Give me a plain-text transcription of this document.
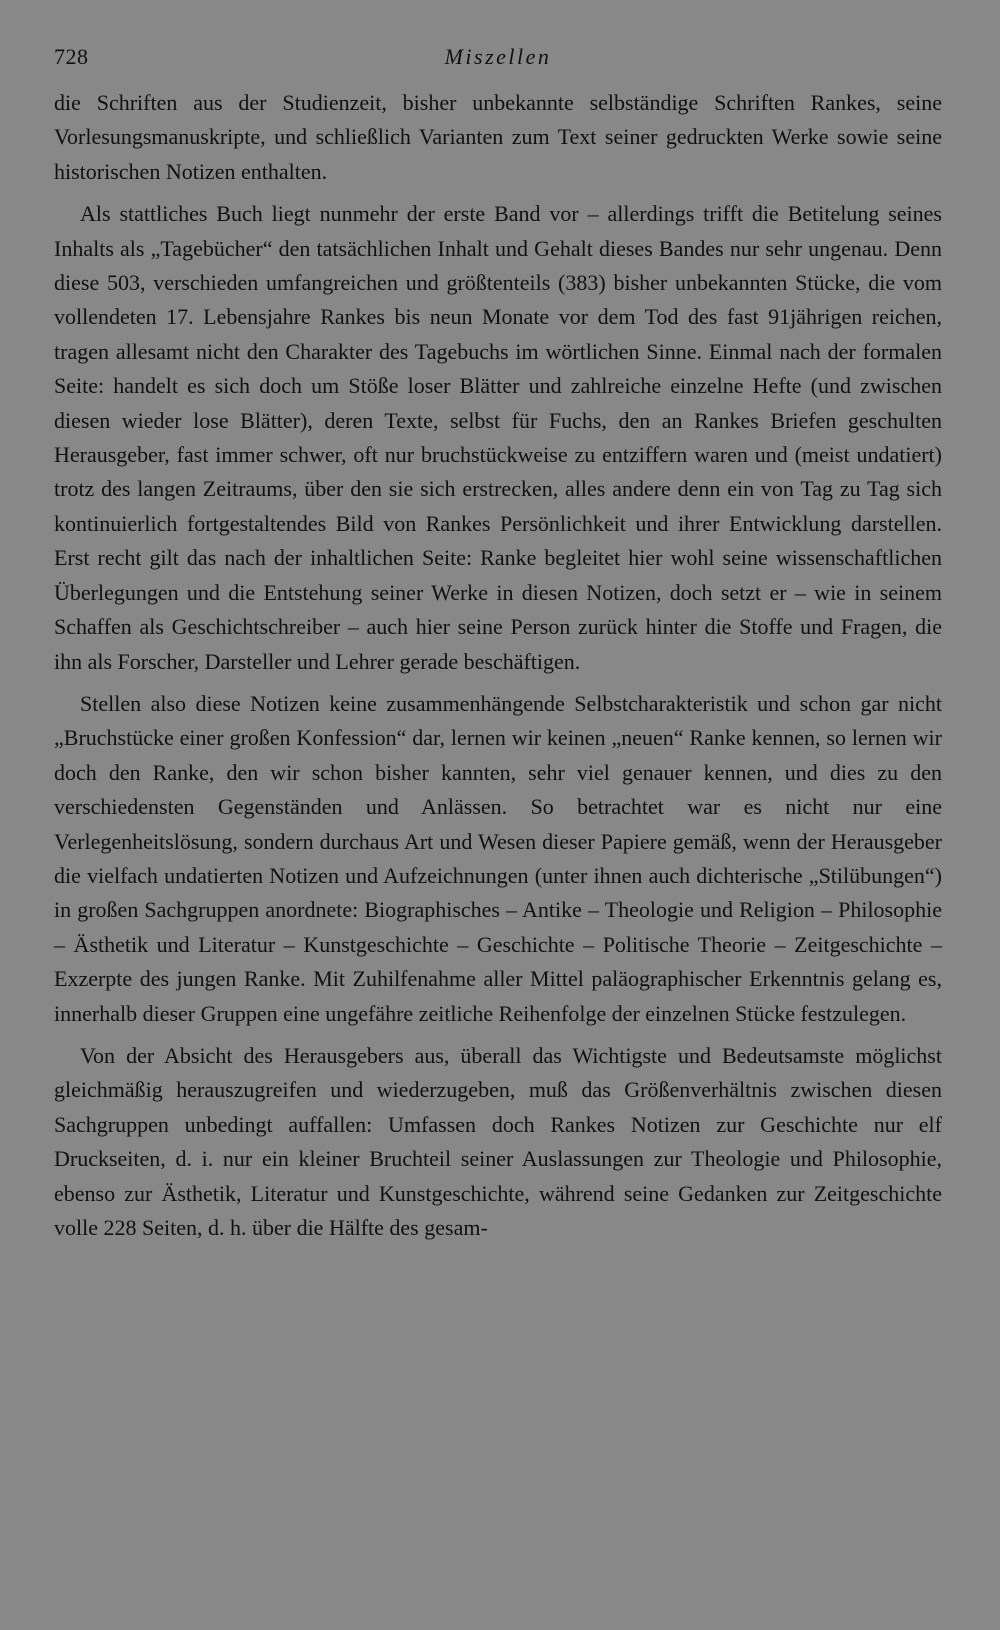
728	Miszellen

die Schriften aus der Studienzeit, bisher unbekannte selbständige Schriften Rankes, seine Vorlesungsmanuskripte, und schließlich Varianten zum Text seiner gedruckten Werke sowie seine historischen Notizen enthalten.

Als stattliches Buch liegt nunmehr der erste Band vor – allerdings trifft die Betitelung seines Inhalts als „Tagebücher“ den tatsächlichen Inhalt und Gehalt dieses Bandes nur sehr ungenau. Denn diese 503, verschieden umfangreichen und größtenteils (383) bisher unbekannten Stücke, die vom vollendeten 17. Lebensjahre Rankes bis neun Monate vor dem Tod des fast 91jährigen reichen, tragen allesamt nicht den Charakter des Tagebuchs im wörtlichen Sinne. Einmal nach der formalen Seite: handelt es sich doch um Stöße loser Blätter und zahlreiche einzelne Hefte (und zwischen diesen wieder lose Blätter), deren Texte, selbst für Fuchs, den an Rankes Briefen geschulten Herausgeber, fast immer schwer, oft nur bruchstückweise zu entziffern waren und (meist undatiert) trotz des langen Zeitraums, über den sie sich erstrecken, alles andere denn ein von Tag zu Tag sich kontinuierlich fortgestaltendes Bild von Rankes Persönlichkeit und ihrer Entwicklung darstellen. Erst recht gilt das nach der inhaltlichen Seite: Ranke begleitet hier wohl seine wissenschaftlichen Überlegungen und die Entstehung seiner Werke in diesen Notizen, doch setzt er – wie in seinem Schaffen als Geschichtschreiber – auch hier seine Person zurück hinter die Stoffe und Fragen, die ihn als Forscher, Darsteller und Lehrer gerade beschäftigen.

Stellen also diese Notizen keine zusammenhängende Selbstcharakteristik und schon gar nicht „Bruchstücke einer großen Konfession“ dar, lernen wir keinen „neuen“ Ranke kennen, so lernen wir doch den Ranke, den wir schon bisher kannten, sehr viel genauer kennen, und dies zu den verschiedensten Gegenständen und Anlässen. So betrachtet war es nicht nur eine Verlegenheitslösung, sondern durchaus Art und Wesen dieser Papiere gemäß, wenn der Herausgeber die vielfach undatierten Notizen und Aufzeichnungen (unter ihnen auch dichterische „Stilübungen“) in großen Sachgruppen anordnete: Biographisches – Antike – Theologie und Religion – Philosophie – Ästhetik und Literatur – Kunstgeschichte – Geschichte – Politische Theorie – Zeitgeschichte – Exzerpte des jungen Ranke. Mit Zuhilfenahme aller Mittel paläographischer Erkenntnis gelang es, innerhalb dieser Gruppen eine ungefähre zeitliche Reihenfolge der einzelnen Stücke festzulegen.

Von der Absicht des Herausgebers aus, überall das Wichtigste und Bedeutsamste möglichst gleichmäßig herauszugreifen und wiederzugeben, muß das Größenverhältnis zwischen diesen Sachgruppen unbedingt auffallen: Umfassen doch Rankes Notizen zur Geschichte nur elf Druckseiten, d. i. nur ein kleiner Bruchteil seiner Auslassungen zur Theologie und Philosophie, ebenso zur Ästhetik, Literatur und Kunstgeschichte, während seine Gedanken zur Zeitgeschichte volle 228 Seiten, d. h. über die Hälfte des gesam-
